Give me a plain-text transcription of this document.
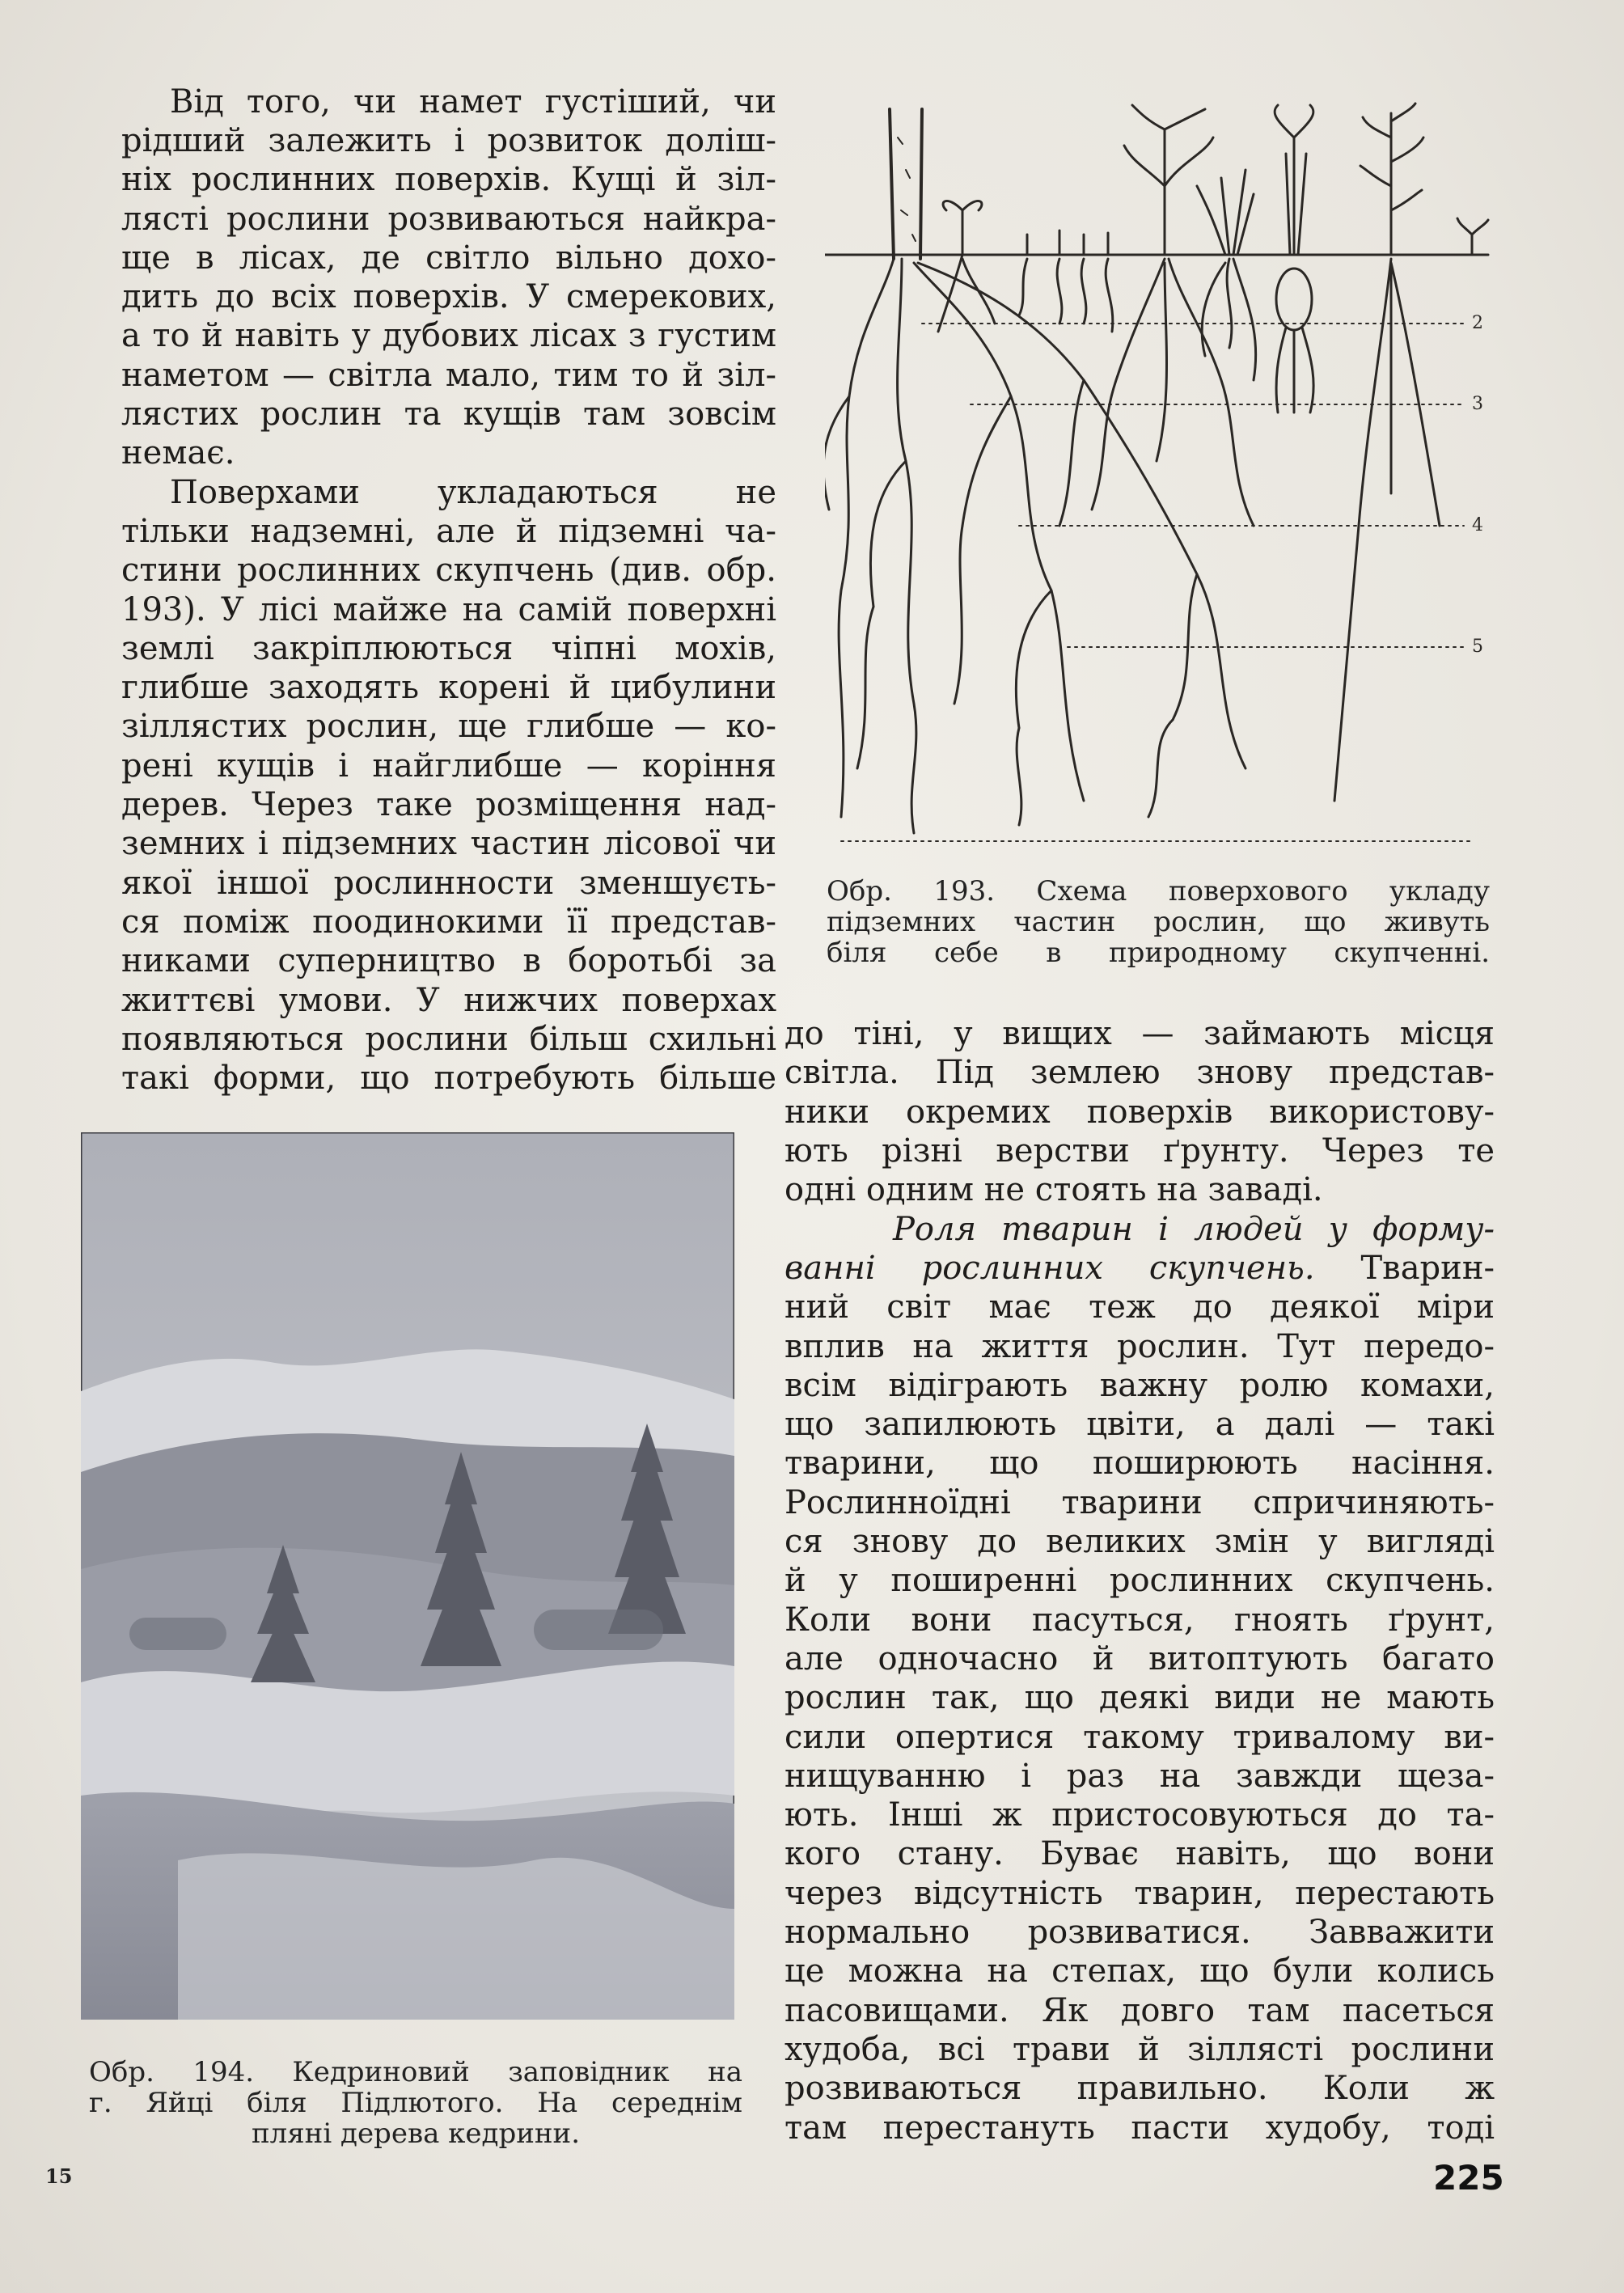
Від того, чи намет густіший, чи
рідший залежить і розвиток доліш-
ніх рослинних поверхів. Кущі й зіл-
лясті рослини розвиваються найкра-
ще в лісах, де світло вільно дохо-
дить до всіх поверхів. У смерекових,
а то й навіть у дубових лісах з густим
наметом — світла мало, тим то й зіл-
лястих рослин та кущів там зовсім
немає.
Поверхами укладаються не
тільки надземні, але й підземні ча-
стини рослинних скупчень (див. обр.
193). У лісі майже на самій поверхні
землі закріплюються чіпні мохів,
глибше заходять корені й цибулини
зіллястих рослин, ще глибше — ко-
рені кущів і найглибше — коріння
дерев. Через таке розміщення над-
земних і підземних частин лісової чи
якої іншої рослинности зменшуєть-
ся поміж поодинокими її представ-
никами суперництво в боротьбі за
життєві умови. У нижчих поверхах
появляються рослини більш схильні
такі форми, що потребують більше
2
3
4
5
Обр. 193. Схема поверхового укладу
підземних частин рослин, що живуть
біля себе в природному скупченні.
до тіні, у вищих — займають місця
світла. Під землею знову представ-
ники окремих поверхів використову-
ють різні верстви ґрунту. Через те
одні одним не стоять на заваді.
Роля тварин і людей у форму-
ванні рослинних скупчень. Тварин-
ний світ має теж до деякої міри
вплив на життя рослин. Тут передо-
всім відіграють важну ролю комахи,
що запилюють цвіти, а далі — такі
тварини, що поширюють насіння.
Рослинноїдні тварини спричиняють-
ся знову до великих змін у вигляді
й у поширенні рослинних скупчень.
Коли вони пасуться, гноять ґрунт,
але одночасно й витоптують багато
рослин так, що деякі види не мають
сили опертися такому тривалому ви-
нищуванню і раз на завжди щеза-
ють. Інші ж пристосовуються до та-
кого стану. Буває навіть, що вони
через відсутність тварин, перестають
нормально розвиватися. Завважити
це можна на степах, що були колись
пасовищами. Як довго там пасеться
худоба, всі трави й зіллясті рослини
розвиваються правильно. Коли ж
там перестануть пасти худобу, тоді
Обр. 194. Кедриновий заповідник на
г. Яйці біля Підлютого. На середнім
пляні дерева кедрини.
15	225
